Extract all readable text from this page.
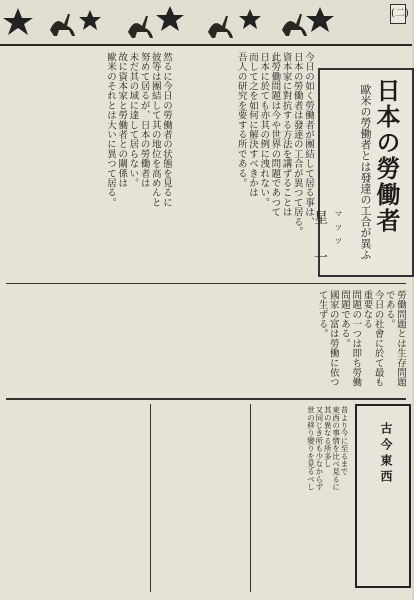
(二)
日本の勞働者
歐米の勞働者とは發達の工合が異ふ
マツツ 星　一
今日の如く勞働者が團結して居る事は、
日本の勞働者は發達の工合が異つて居る。
資本家に對抗する方法を講ずることは
此勞働問題は今や世界の問題であつて
日本に於ても亦其の例に洩れない。
而して之を如何に解決すべきかは
吾人の研究を要する所である。
然るに今日の勞働者の状態を見るに
彼等は團結して其の地位を高めんと
努めて居るが、日本の勞働者は
未だ其の域に達して居らない。
故に資本家と勞働者との關係は
歐米のそれとは大いに異つて居る。
勞働問題とは生存問題である。
今日の社會に於て最も重要なる
問題の一つは即ち勞働問題である。
國家の富は勞働に依つて生ずる。
古今東西
昔より今に至るまで
東西の事情を比べ見るに
其の異なる所多し
又同じき所も少なからず
世の移り變りを見るべし
